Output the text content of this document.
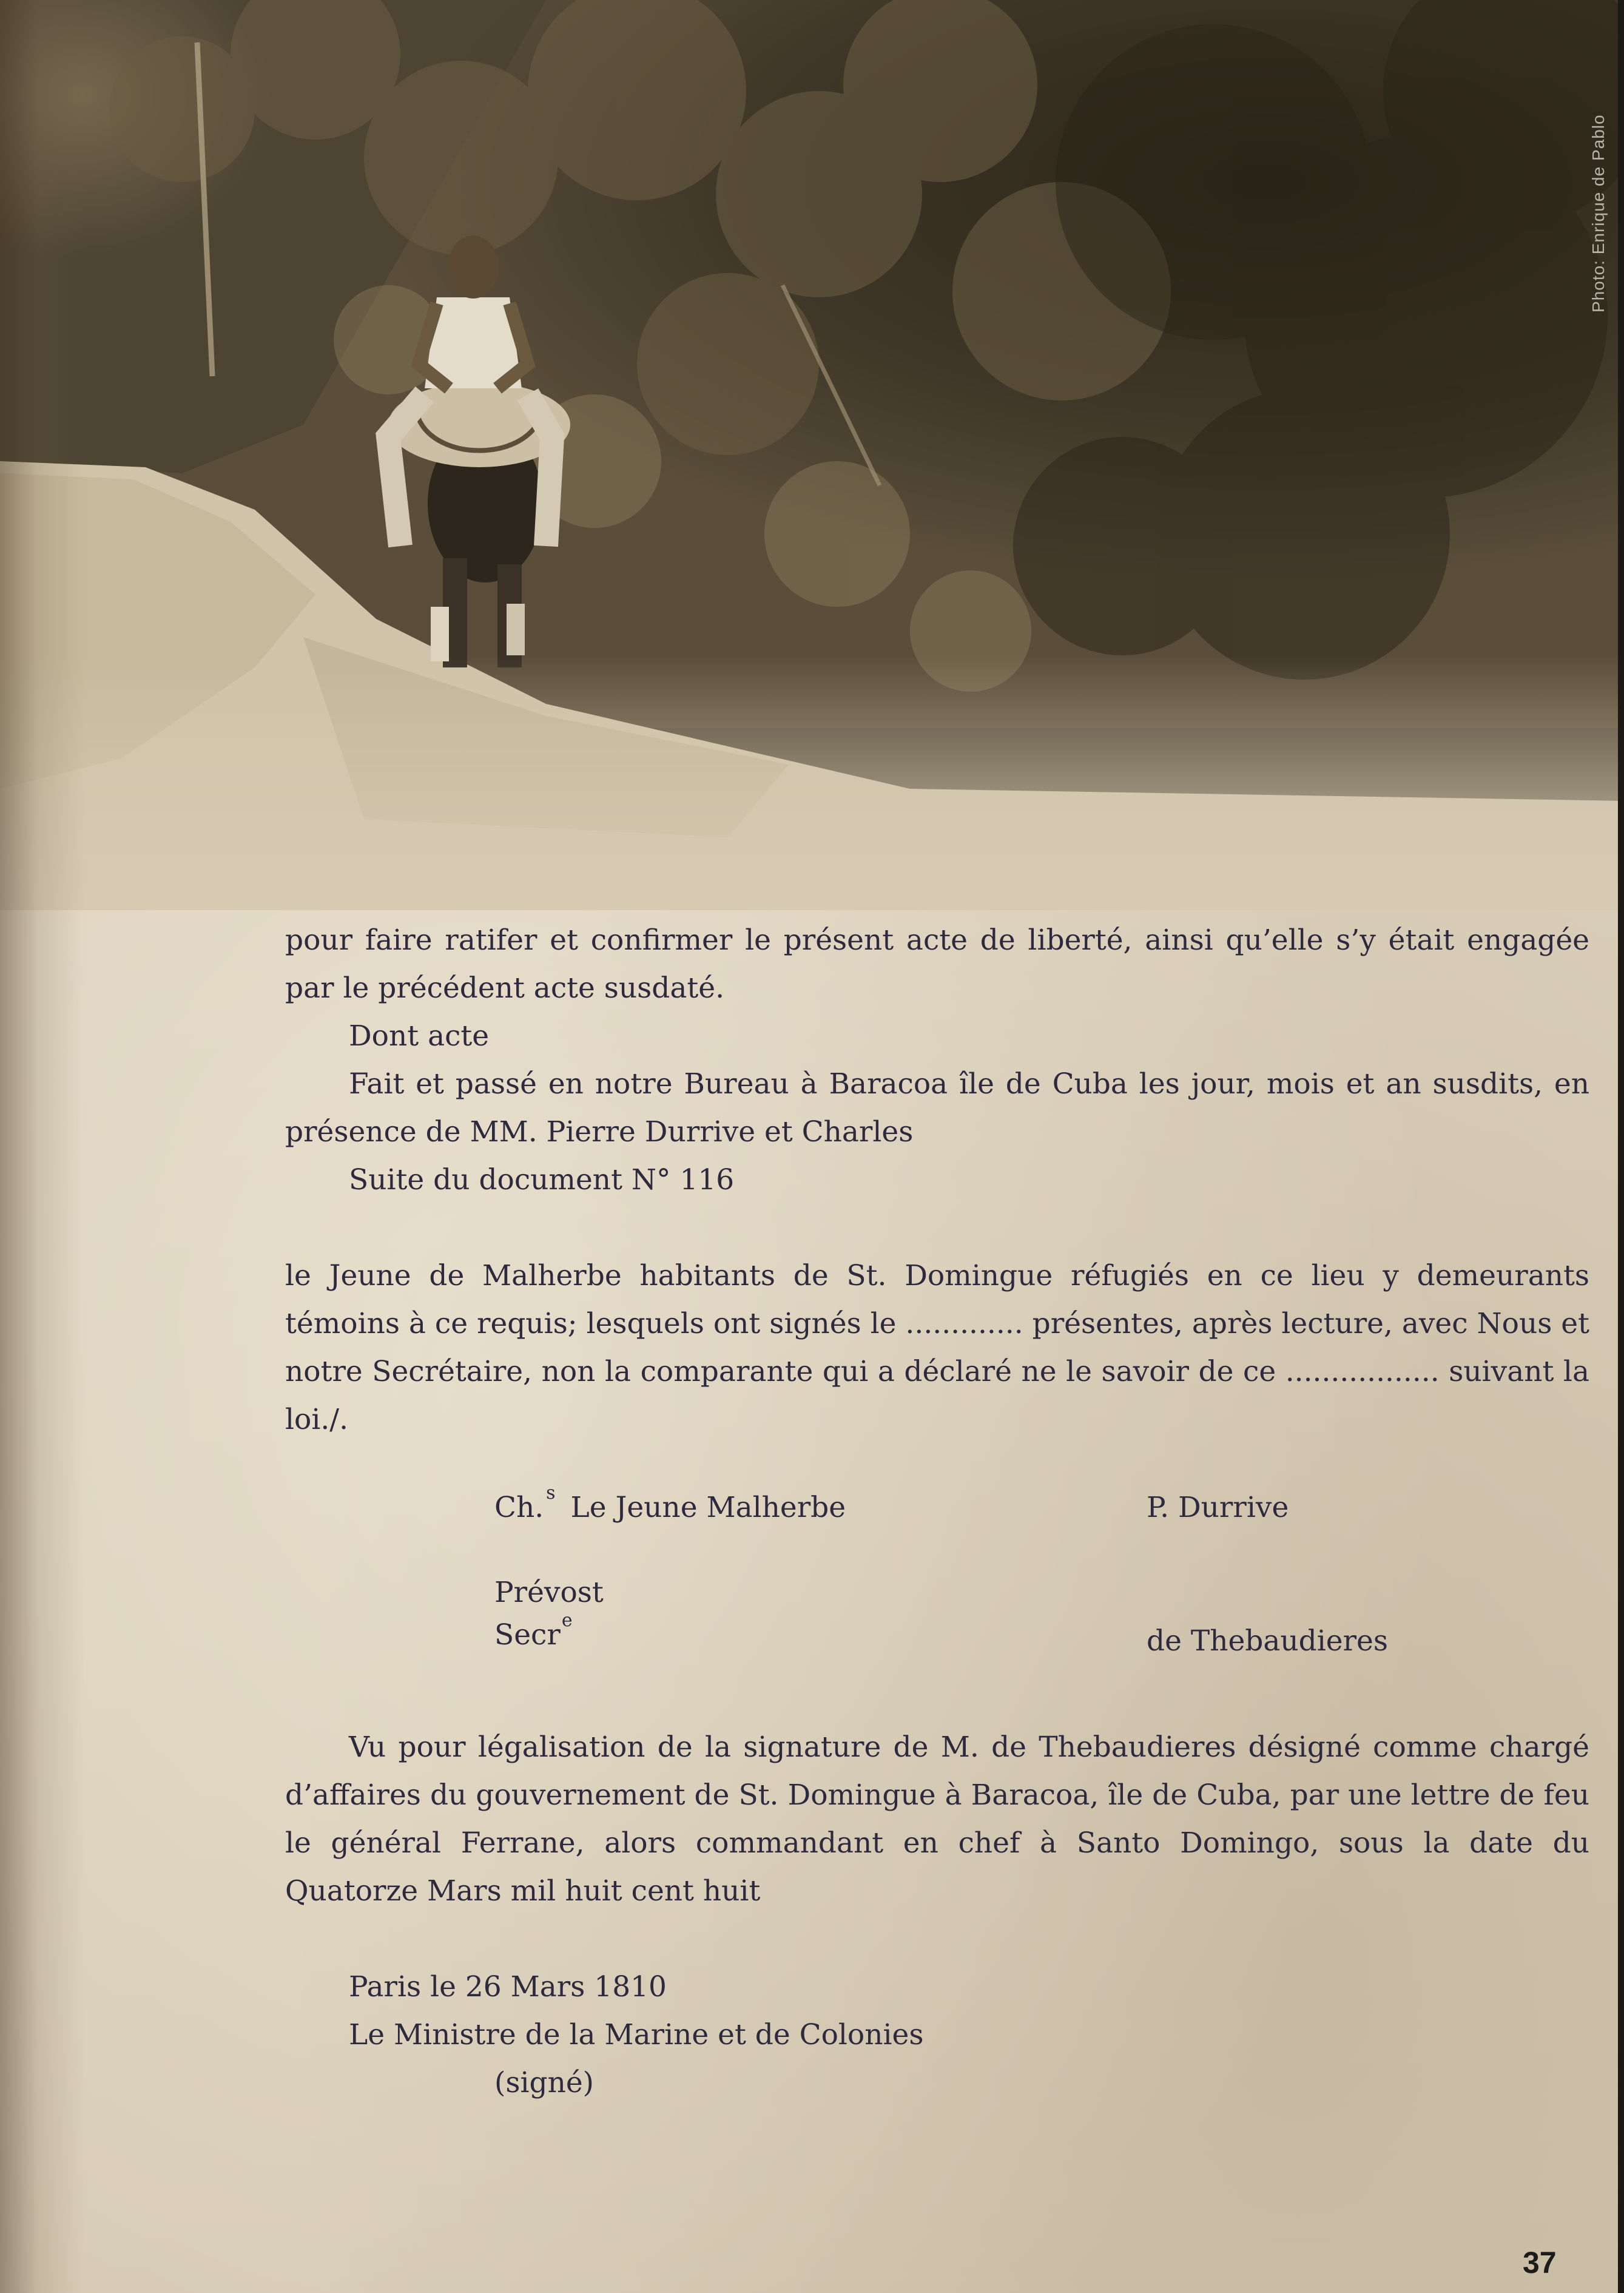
Photo: Enrique de Pablo

pour faire ratifer et confirmer le présent acte de liberté, ainsi qu’elle s’y était engagée par le précédent acte susdaté.

Dont acte

Fait et passé en notre Bureau à Baracoa île de Cuba les jour, mois et an susdits, en présence de MM. Pierre Durrive et Charles

Suite du document N° 116

le Jeune de Malherbe habitants de St. Domingue réfugiés en ce lieu y demeurants témoins à ce requis; lesquels ont signés le ............. présentes, après lecture, avec Nous et notre Secrétaire, non la comparante qui a déclaré ne le savoir de ce ................. suivant la loi./.

Ch. $^s$ Le Jeune Malherbe	P. Durrive
Prévost
Secr$^e$
de Thebaudieres

Vu pour légalisation de la signature de M. de Thebaudieres désigné comme chargé d’affaires du gouvernement de St. Domingue à Baracoa, île de Cuba, par une lettre de feu le général Ferrane, alors commandant en chef à Santo Domingo, sous la date du Quatorze Mars mil huit cent huit

Paris le 26 Mars 1810

Le Ministre de la Marine et de Colonies

(signé)

37
